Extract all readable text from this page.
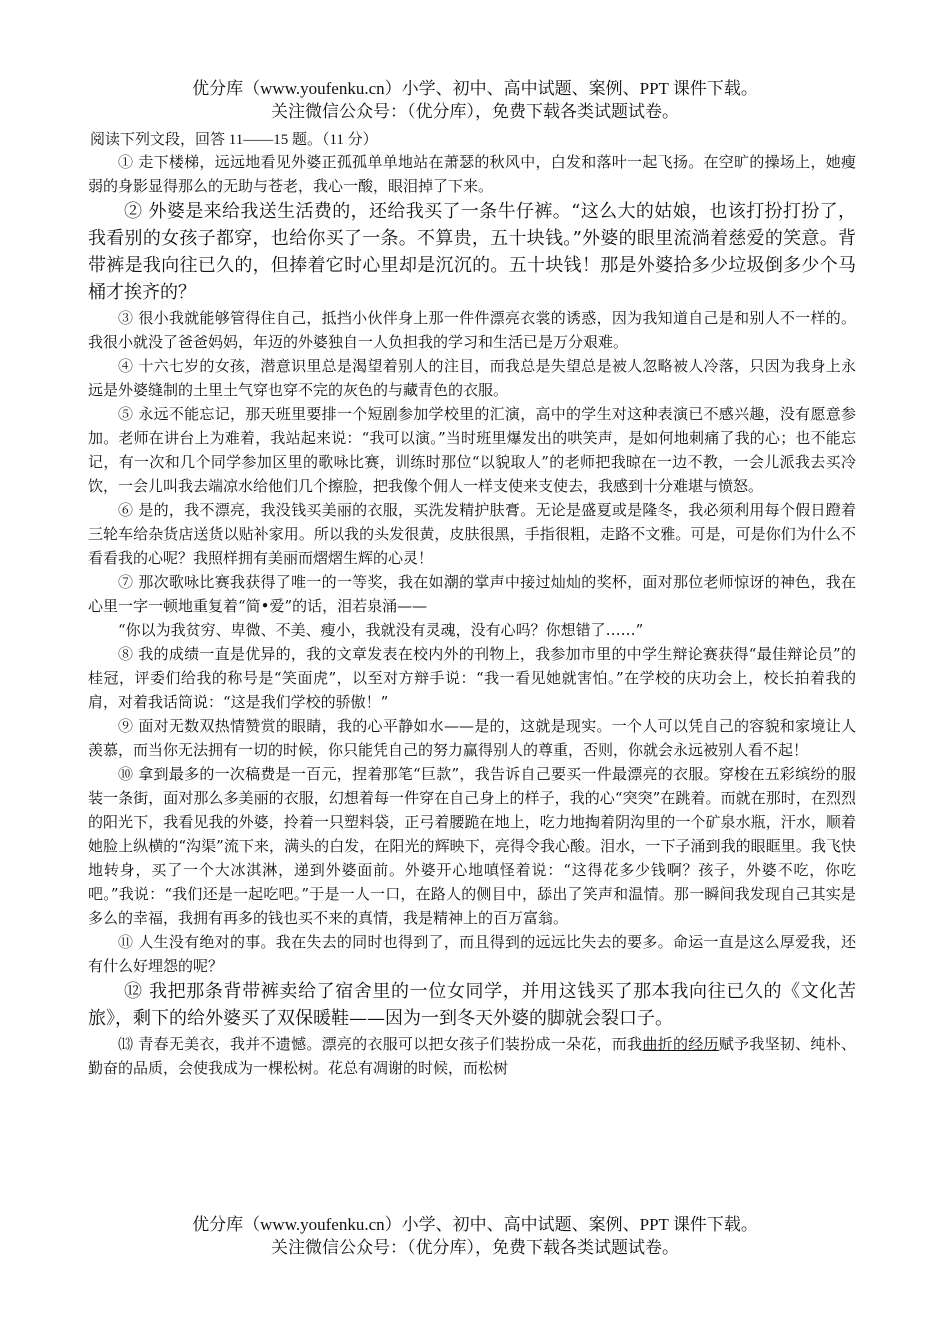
优分库（www.youfenku.cn）小学、初中、高中试题、案例、PPT 课件下载。
关注微信公众号：（优分库），免费下载各类试题试卷。
阅读下列文段，回答 11——15 题。（11 分）

① 走下楼梯，远远地看见外婆正孤孤单单地站在萧瑟的秋风中，白发和落叶一起飞扬。在空旷的操场上，她瘦弱的身影显得那么的无助与苍老，我心一酸，眼泪掉了下来。

② 外婆是来给我送生活费的，还给我买了一条牛仔裤。“这么大的姑娘，也该打扮打扮了，我看别的女孩子都穿，也给你买了一条。不算贵，五十块钱。”外婆的眼里流淌着慈爱的笑意。背带裤是我向往已久的，但捧着它时心里却是沉沉的。五十块钱！那是外婆拾多少垃圾倒多少个马桶才挨齐的？

③ 很小我就能够管得住自己，抵挡小伙伴身上那一件件漂亮衣裳的诱惑，因为我知道自己是和别人不一样的。我很小就没了爸爸妈妈，年迈的外婆独自一人负担我的学习和生活已是万分艰难。

④ 十六七岁的女孩，潜意识里总是渴望着别人的注目，而我总是失望总是被人忽略被人冷落，只因为我身上永远是外婆缝制的土里土气穿也穿不完的灰色的与藏青色的衣服。

⑤ 永远不能忘记，那天班里要排一个短剧参加学校里的汇演，高中的学生对这种表演已不感兴趣，没有愿意参加。老师在讲台上为难着，我站起来说：“我可以演。”当时班里爆发出的哄笑声，是如何地刺痛了我的心；也不能忘记，有一次和几个同学参加区里的歌咏比赛，训练时那位“以貌取人”的老师把我晾在一边不教，一会儿派我去买冷饮，一会儿叫我去端凉水给他们几个擦脸，把我像个佣人一样支使来支使去，我感到十分难堪与愤怒。

⑥ 是的，我不漂亮，我没钱买美丽的衣服，买洗发精护肤膏。无论是盛夏或是隆冬，我必须利用每个假日蹬着三轮车给杂货店送货以贴补家用。所以我的头发很黄，皮肤很黑，手指很粗，走路不文雅。可是，可是你们为什么不看看我的心呢？我照样拥有美丽而熠熠生辉的心灵！

⑦ 那次歌咏比赛我获得了唯一的一等奖，我在如潮的掌声中接过灿灿的奖杯，面对那位老师惊讶的神色，我在心里一字一顿地重复着“简•爱”的话，泪若泉涌——

“你以为我贫穷、卑微、不美、瘦小，我就没有灵魂，没有心吗？你想错了……”

⑧ 我的成绩一直是优异的，我的文章发表在校内外的刊物上，我参加市里的中学生辩论赛获得“最佳辩论员”的桂冠，评委们给我的称号是“笑面虎”，以至对方辩手说：“我一看见她就害怕。”在学校的庆功会上，校长拍着我的肩，对着我话筒说：“这是我们学校的骄傲！”

⑨ 面对无数双热情赞赏的眼睛，我的心平静如水——是的，这就是现实。一个人可以凭自己的容貌和家境让人羡慕，而当你无法拥有一切的时候，你只能凭自己的努力赢得别人的尊重，否则，你就会永远被别人看不起！

⑩ 拿到最多的一次稿费是一百元，捏着那笔“巨款”，我告诉自己要买一件最漂亮的衣服。穿梭在五彩缤纷的服装一条街，面对那么多美丽的衣服，幻想着每一件穿在自己身上的样子，我的心“突突”在跳着。而就在那时，在烈烈的阳光下，我看见我的外婆，拎着一只塑料袋，正弓着腰跪在地上，吃力地掏着阴沟里的一个矿泉水瓶，汗水，顺着她脸上纵横的“沟渠”流下来，满头的白发，在阳光的辉映下，亮得令我心酸。泪水，一下子涌到我的眼眶里。我飞快地转身，买了一个大冰淇淋，递到外婆面前。外婆开心地嗔怪着说：“这得花多少钱啊？孩子，外婆不吃，你吃吧。”我说：“我们还是一起吃吧。”于是一人一口，在路人的侧目中，舔出了笑声和温情。那一瞬间我发现自己其实是多么的幸福，我拥有再多的钱也买不来的真情，我是精神上的百万富翁。

⑪ 人生没有绝对的事。我在失去的同时也得到了，而且得到的远远比失去的要多。命运一直是这么厚爱我，还有什么好埋怨的呢？

⑫ 我把那条背带裤卖给了宿舍里的一位女同学，并用这钱买了那本我向往已久的《文化苦旅》，剩下的给外婆买了双保暖鞋——因为一到冬天外婆的脚就会裂口子。

⒀ 青春无美衣，我并不遗憾。漂亮的衣服可以把女孩子们装扮成一朵花，而我曲折的经历赋予我坚韧、纯朴、勤奋的品质，会使我成为一棵松树。花总有凋谢的时候，而松树

优分库（www.youfenku.cn）小学、初中、高中试题、案例、PPT 课件下载。
关注微信公众号：（优分库），免费下载各类试题试卷。
